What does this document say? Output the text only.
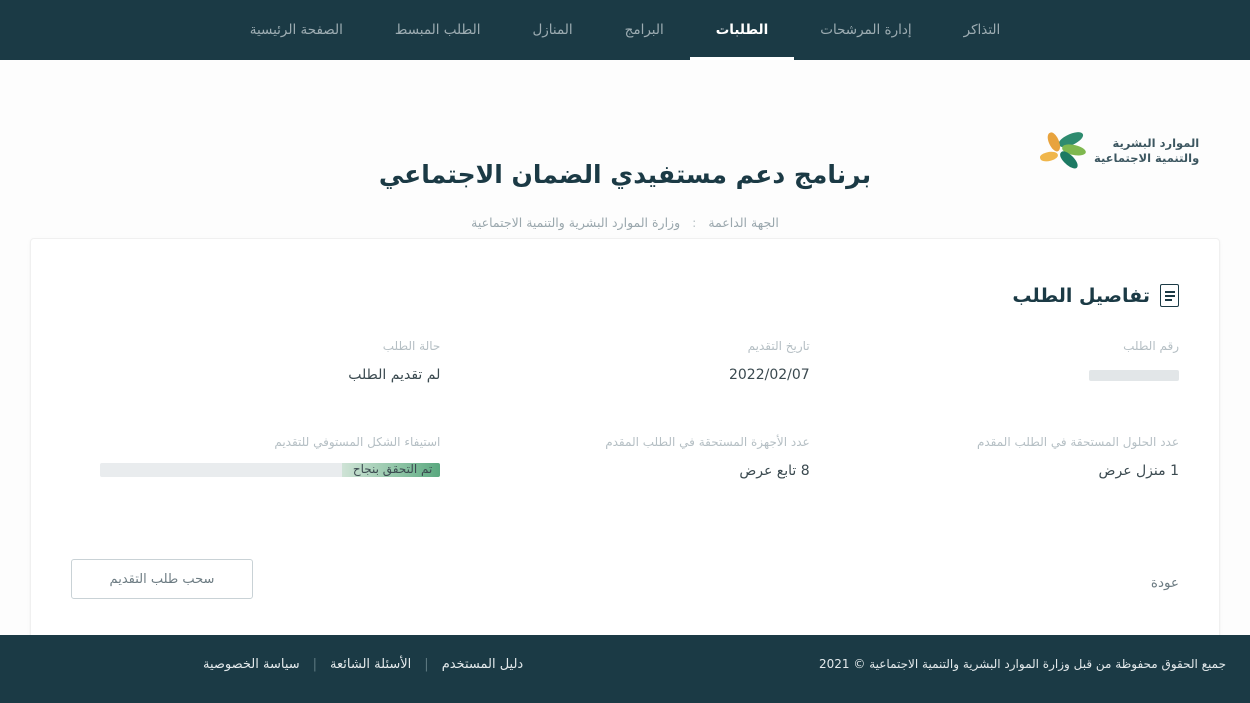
الصفحة الرئيسية	الطلب المبسط	المنازل	البرامج	الطلبات	إدارة المرشحات	التذاكر
الموارد البشرية
والتنمية الاجتماعية
برنامج دعم مستفيدي الضمان الاجتماعي
الجهة الداعمة : وزارة الموارد البشرية والتنمية الاجتماعية
تفاصيل الطلب
رقم الطلب
تاريخ التقديم
2022/02/07
حالة الطلب
لم تقديم الطلب
عدد الحلول المستحقة في الطلب المقدم
1 منزل عرض
عدد الأجهزة المستحقة في الطلب المقدم
8 تابع عرض
استيفاء الشكل المستوفي للتقديم
تم التحقق بنجاح
سحب طلب التقديم	عودة
جميع الحقوق محفوظة من قبل وزارة الموارد البشرية والتنمية الاجتماعية © 2021
سياسة الخصوصية	|	الأسئلة الشائعة	|	دليل المستخدم
